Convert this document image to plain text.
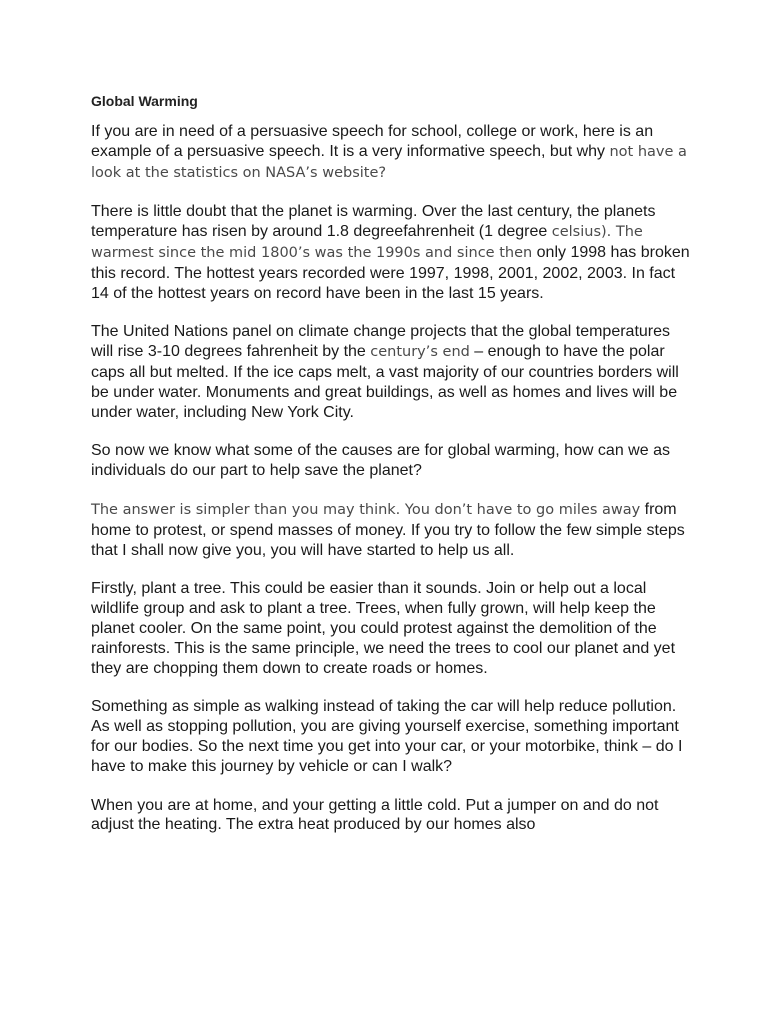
Global Warming

If you are in need of a persuasive speech for school, college or work, here is an example of a persuasive speech. It is a very informative speech, but why not have a look at the statistics on NASA’s website?

There is little doubt that the planet is warming. Over the last century, the planets temperature has risen by around 1.8 degreefahrenheit (1 degree celsius). The warmest since the mid 1800’s was the 1990s and since then only 1998 has broken this record. The hottest years recorded were 1997, 1998, 2001, 2002, 2003. In fact 14 of the hottest years on record have been in the last 15 years.

The United Nations panel on climate change projects that the global temperatures will rise 3-10 degrees fahrenheit by the century’s end – enough to have the polar caps all but melted. If the ice caps melt, a vast majority of our countries borders will be under water. Monuments and great buildings, as well as homes and lives will be under water, including New York City.

So now we know what some of the causes are for global warming, how can we as individuals do our part to help save the planet?

The answer is simpler than you may think. You don’t have to go miles away from home to protest, or spend masses of money. If you try to follow the few simple steps that I shall now give you, you will have started to help us all.

Firstly, plant a tree. This could be easier than it sounds. Join or help out a local wildlife group and ask to plant a tree. Trees, when fully grown, will help keep the planet cooler. On the same point, you could protest against the demolition of the rainforests. This is the same principle, we need the trees to cool our planet and yet they are chopping them down to create roads or homes.

Something as simple as walking instead of taking the car will help reduce pollution. As well as stopping pollution, you are giving yourself exercise, something important for our bodies. So the next time you get into your car, or your motorbike, think – do I have to make this journey by vehicle or can I walk?

When you are at home, and your getting a little cold. Put a jumper on and do not adjust the heating. The extra heat produced by our homes also
